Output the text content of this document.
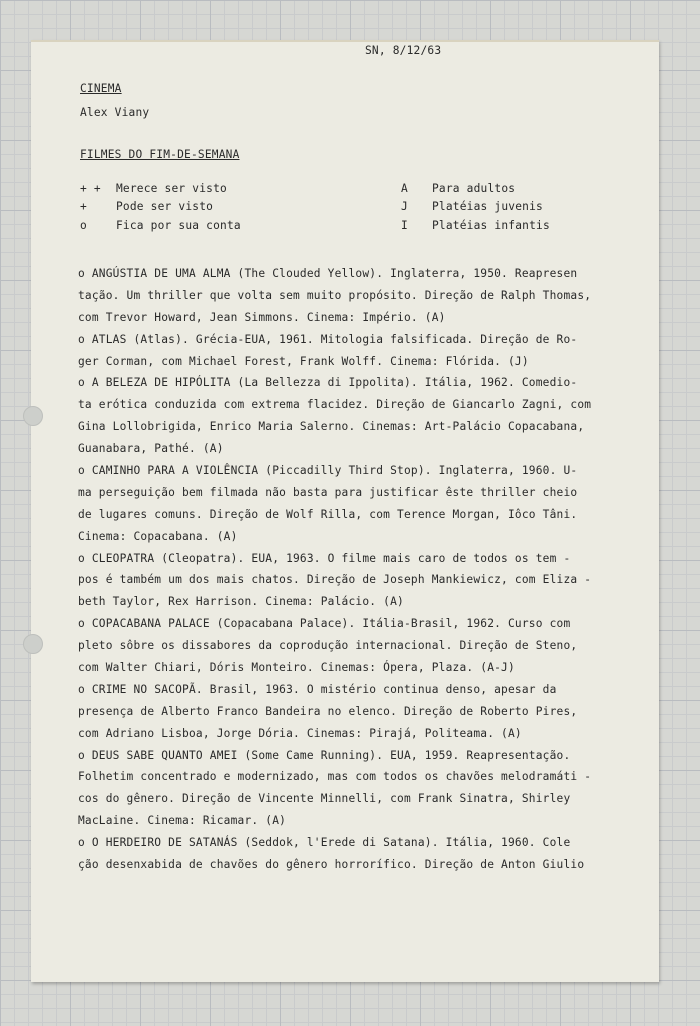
SN, 8/12/63
CINEMA
Alex Viany
FILMES DO FIM-DE-SEMANA
+ +	Merece ser visto	A Para adultos
+	Pode ser visto	J Platéias juvenis
o	Fica por sua conta	I Platéias infantis
o ANGÚSTIA DE UMA ALMA (The Clouded Yellow). Inglaterra, 1950. Reapresen
tação. Um thriller que volta sem muito propósito. Direção de Ralph Thomas,
com Trevor Howard, Jean Simmons. Cinema: Império. (A)
o ATLAS (Atlas). Grécia-EUA, 1961. Mitologia falsificada. Direção de Ro-
ger Corman, com Michael Forest, Frank Wolff. Cinema: Flórida. (J)
o A BELEZA DE HIPÓLITA (La Bellezza di Ippolita). Itália, 1962. Comedio-
ta erótica conduzida com extrema flacidez. Direção de Giancarlo Zagni, com
Gina Lollobrigida, Enrico Maria Salerno. Cinemas: Art-Palácio Copacabana,
Guanabara, Pathé. (A)
o CAMINHO PARA A VIOLÊNCIA (Piccadilly Third Stop). Inglaterra, 1960. U-
ma perseguição bem filmada não basta para justificar êste thriller cheio
de lugares comuns. Direção de Wolf Rilla, com Terence Morgan, Iôco Tâni.
Cinema: Copacabana. (A)
o CLEOPATRA (Cleopatra). EUA, 1963. O filme mais caro de todos os tem -
pos é também um dos mais chatos. Direção de Joseph Mankiewicz, com Eliza -
beth Taylor, Rex Harrison. Cinema: Palácio. (A)
o COPACABANA PALACE (Copacabana Palace). Itália-Brasil, 1962. Curso com
pleto sôbre os dissabores da coprodução internacional. Direção de Steno,
com Walter Chiari, Dóris Monteiro. Cinemas: Ópera, Plaza. (A-J)
o CRIME NO SACOPÃ. Brasil, 1963. O mistério continua denso, apesar da
presença de Alberto Franco Bandeira no elenco. Direção de Roberto Pires,
com Adriano Lisboa, Jorge Dória. Cinemas: Pirajá, Politeama. (A)
o DEUS SABE QUANTO AMEI (Some Came Running). EUA, 1959. Reapresentação.
Folhetim concentrado e modernizado, mas com todos os chavões melodramáti -
cos do gênero. Direção de Vincente Minnelli, com Frank Sinatra, Shirley
MacLaine. Cinema: Ricamar. (A)
o O HERDEIRO DE SATANÁS (Seddok, l'Erede di Satana). Itália, 1960. Cole
ção desenxabida de chavões do gênero horrorífico. Direção de Anton Giulio
